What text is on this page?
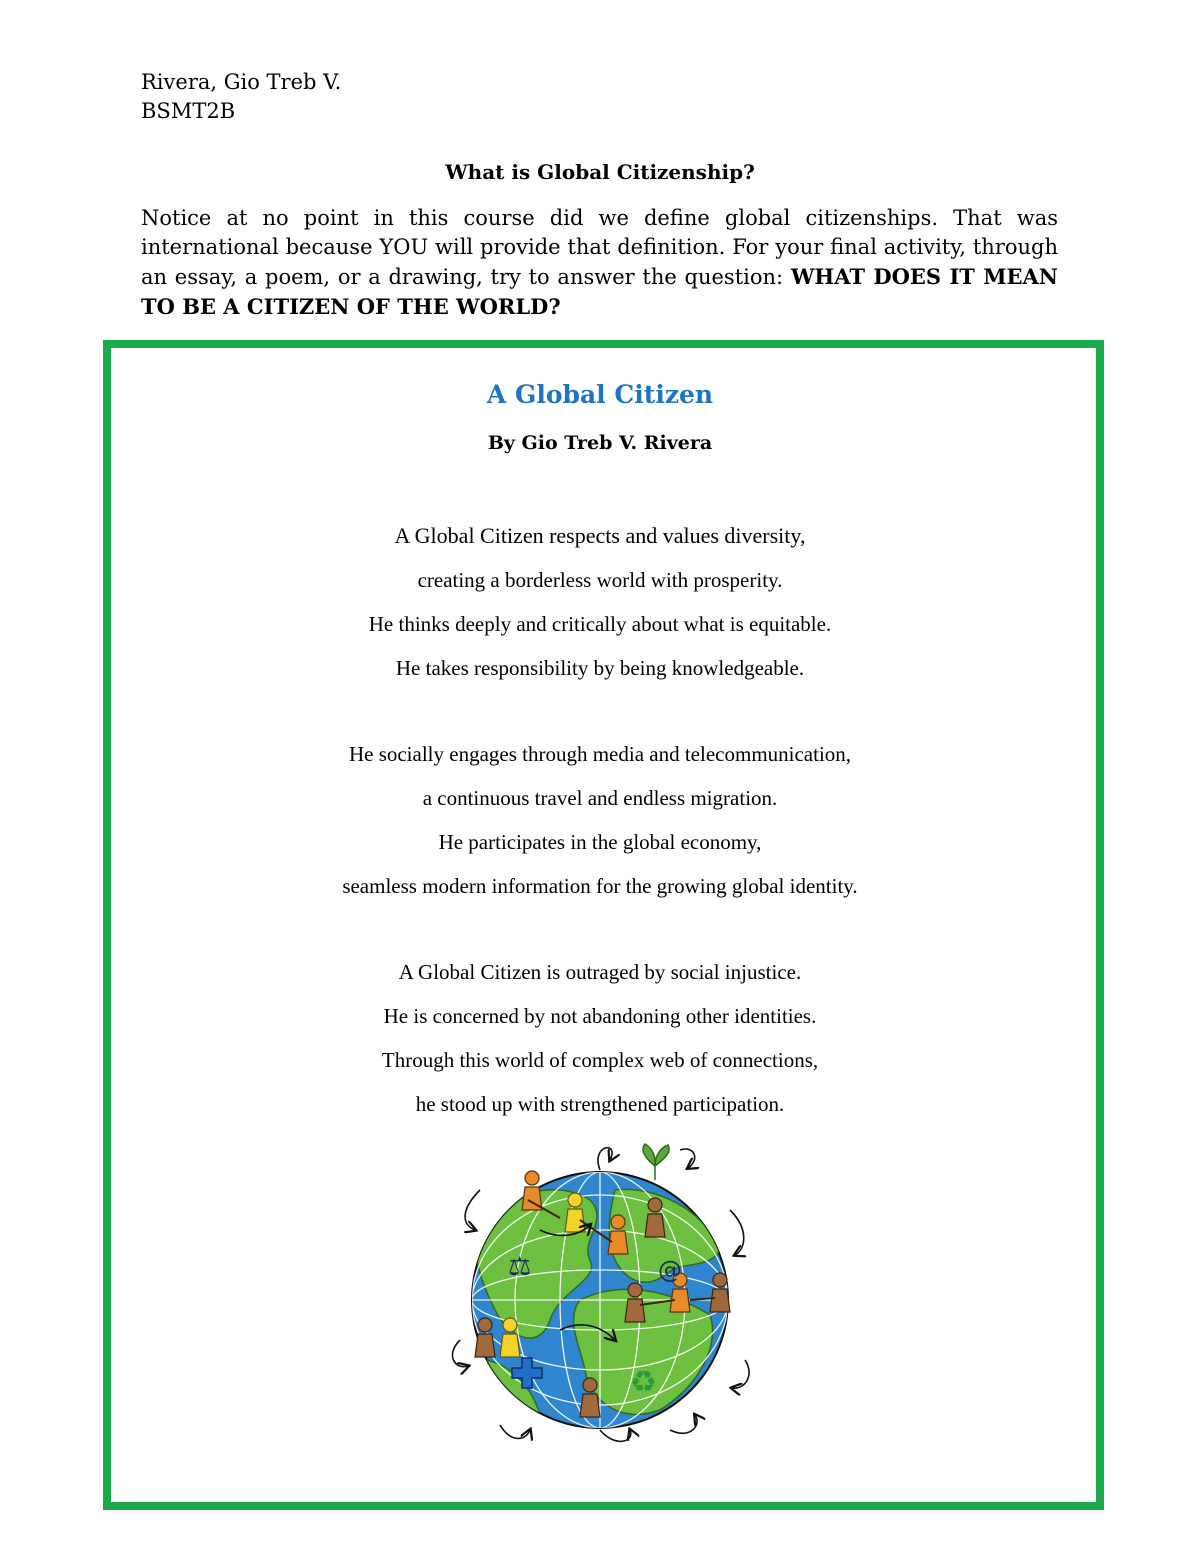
Rivera, Gio Treb V.
BSMT2B
What is Global Citizenship?
Notice at no point in this course did we define global citizenships. That was international because YOU will provide that definition. For your final activity, through an essay, a poem, or a drawing, try to answer the question: WHAT DOES IT MEAN TO BE A CITIZEN OF THE WORLD?
A Global Citizen
By Gio Treb V. Rivera
A Global Citizen respects and values diversity,
creating a borderless world with prosperity.
He thinks deeply and critically about what is equitable.
He takes responsibility by being knowledgeable.
He socially engages through media and telecommunication,
a continuous travel and endless migration.
He participates in the global economy,
seamless modern information for the growing global identity.
A Global Citizen is outraged by social injustice.
He is concerned by not abandoning other identities.
Through this world of complex web of connections,
he stood up with strengthened participation.
⚖	@
♻
